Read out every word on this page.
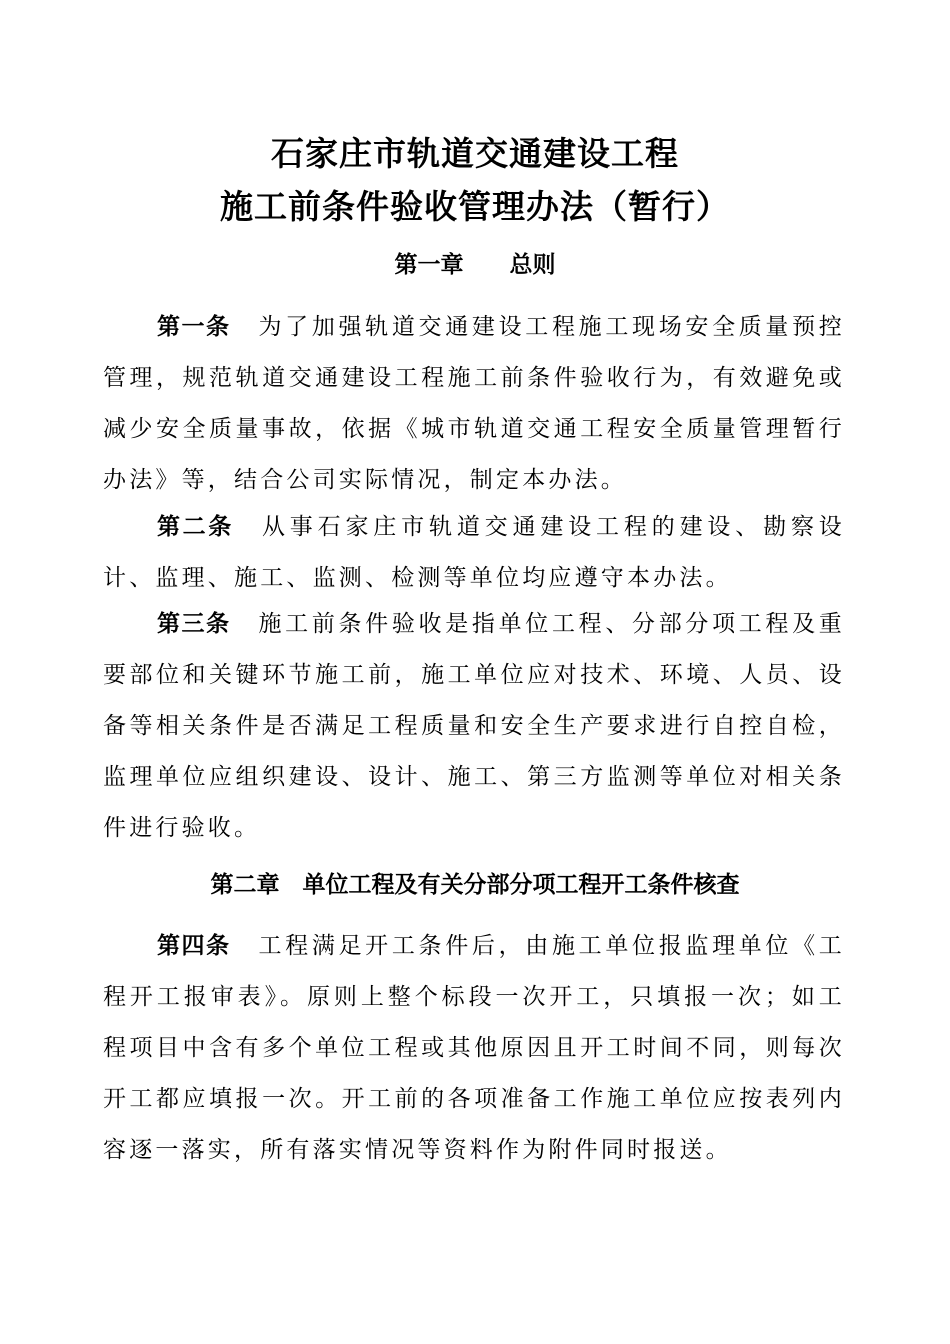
石家庄市轨道交通建设工程
施工前条件验收管理办法（暂行）
第一章　　总则

第一条 为了加强轨道交通建设工程施工现场安全质量预控管理，规范轨道交通建设工程施工前条件验收行为，有效避免或减少安全质量事故，依据《城市轨道交通工程安全质量管理暂行办法》等，结合公司实际情况，制定本办法。

第二条 从事石家庄市轨道交通建设工程的建设、勘察设计、监理、施工、监测、检测等单位均应遵守本办法。

第三条 施工前条件验收是指单位工程、分部分项工程及重要部位和关键环节施工前，施工单位应对技术、环境、人员、设备等相关条件是否满足工程质量和安全生产要求进行自控自检，监理单位应组织建设、设计、施工、第三方监测等单位对相关条件进行验收。

第二章　单位工程及有关分部分项工程开工条件核查

第四条 工程满足开工条件后，由施工单位报监理单位《工程开工报审表》。原则上整个标段一次开工，只填报一次；如工程项目中含有多个单位工程或其他原因且开工时间不同，则每次开工都应填报一次。开工前的各项准备工作施工单位应按表列内容逐一落实，所有落实情况等资料作为附件同时报送。
